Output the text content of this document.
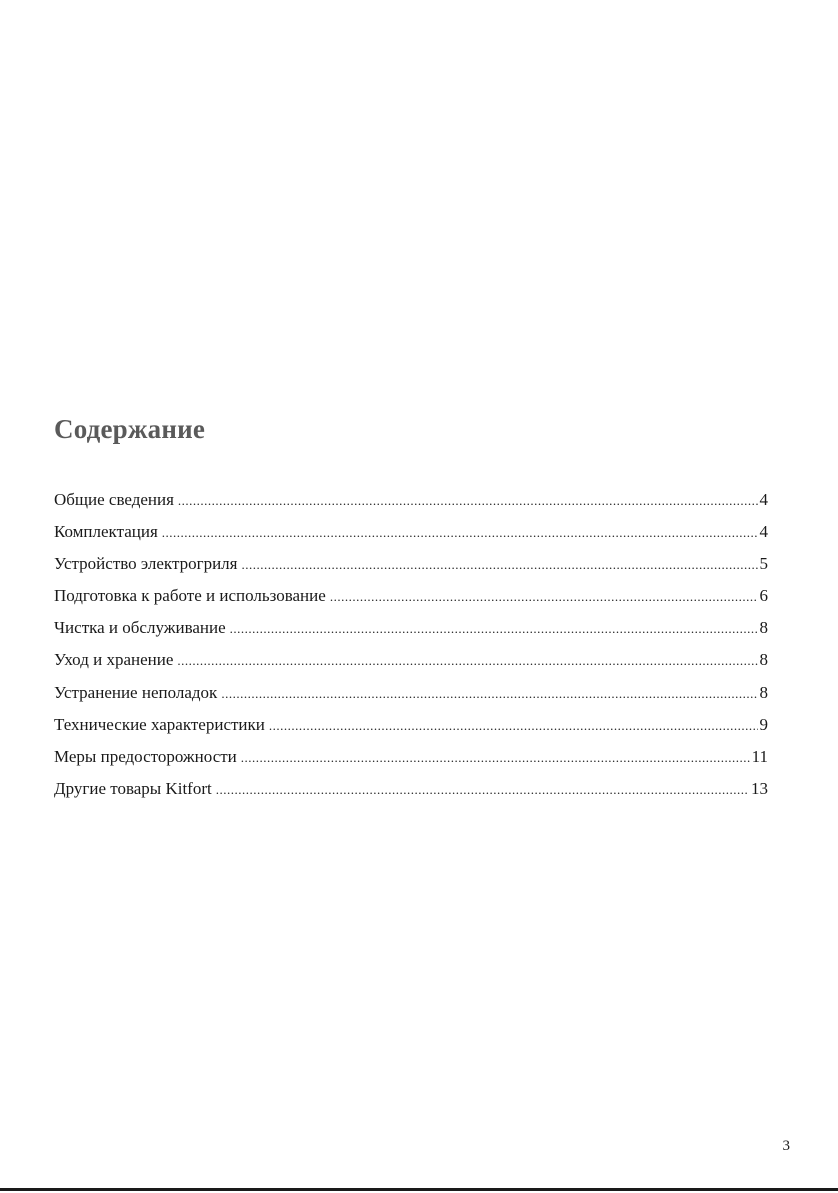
Содержание
Общие сведения .....	4
Комплектация .....	4
Устройство электрогриля .....	5
Подготовка к работе и использование .....	6
Чистка и обслуживание .....	8
Уход и хранение .....	8
Устранение неполадок .....	8
Технические характеристики .....	9
Меры предосторожности .....	11
Другие товары Kitfort .....	13
3
